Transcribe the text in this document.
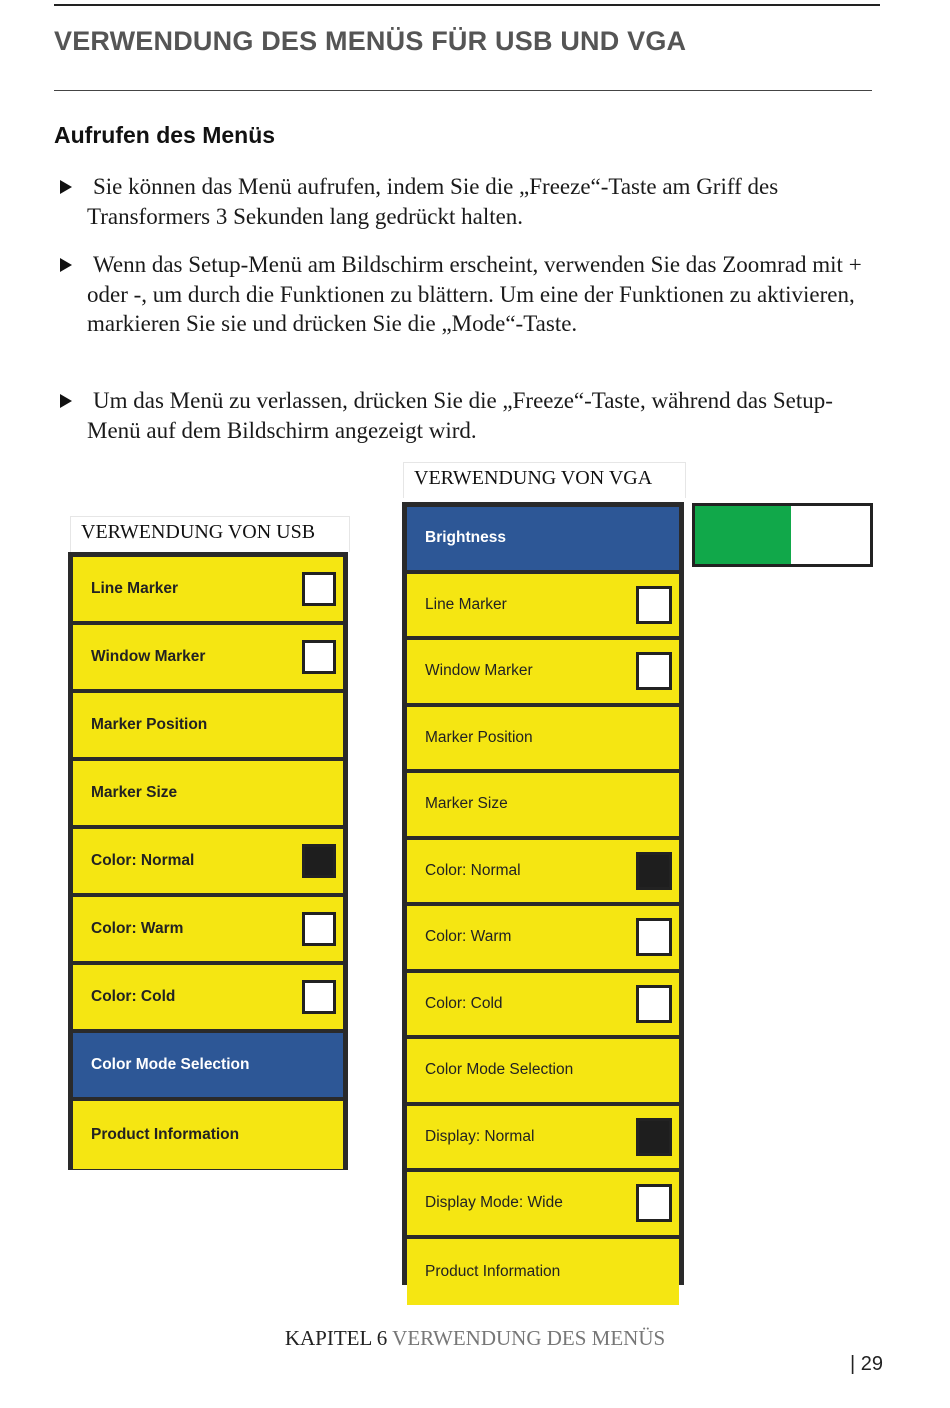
VERWENDUNG DES MENÜS FÜR USB UND VGA
Aufrufen des Menüs
Sie können das Menü aufrufen, indem Sie die „Freeze“-Taste am Griff des Transformers 3 Sekunden lang gedrückt halten.
Wenn das Setup-Menü am Bildschirm erscheint, verwenden Sie das Zoomrad mit + oder -, um durch die Funktionen zu blättern. Um eine der Funktionen zu aktivieren, markieren Sie sie und drücken Sie die „Mode“-Taste.
Um das Menü zu verlassen, drücken Sie die „Freeze“-Taste, während das Setup-Menü auf dem Bildschirm angezeigt wird.
VERWENDUNG VON USB
VERWENDUNG VON VGA
Line Marker
Window Marker
Marker Position
Marker Size
Color: Normal
Color: Warm
Color: Cold
Color Mode Selection
Product Information
Brightness
Line Marker
Window Marker
Marker Position
Marker Size
Color: Normal
Color: Warm
Color: Cold
Color Mode Selection
Display: Normal
Display Mode: Wide
Product Information
KAPITEL 6 VERWENDUNG DES MENÜS
| 29
